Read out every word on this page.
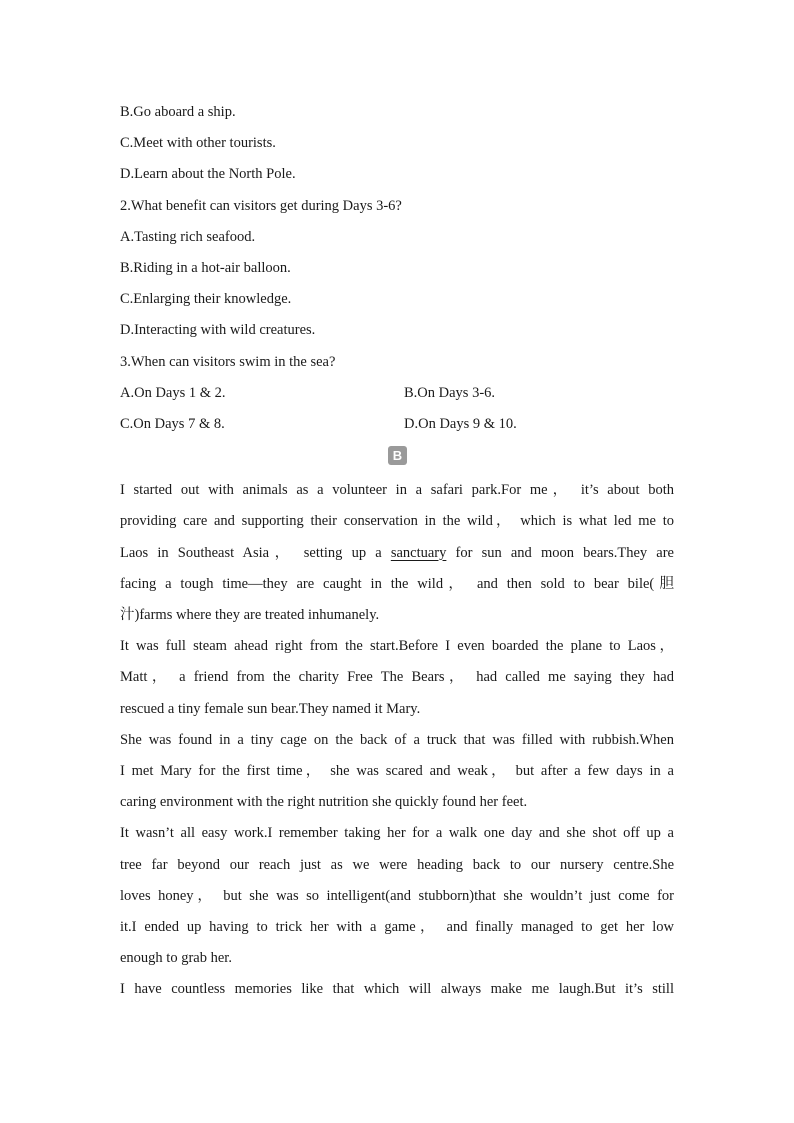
B.Go aboard a ship.
C.Meet with other tourists.
D.Learn about the North Pole.
2.What benefit can visitors get during Days 3-6?
A.Tasting rich seafood.
B.Riding in a hot-air balloon.
C.Enlarging their knowledge.
D.Interacting with wild creatures.
3.When can visitors swim in the sea?
A.On Days 1 & 2.	B.On Days 3-6.
C.On Days 7 & 8.	D.On Days 9 & 10.
B
I started out with animals as a volunteer in a safari park.For me， it’s about both
providing care and supporting their conservation in the wild， which is what led me to
Laos in Southeast Asia， setting up a sanctuary for sun and moon bears.They are
facing a tough time—they are caught in the wild， and then sold to bear bile(胆
汁)farms where they are treated inhumanely.
It was full steam ahead right from the start.Before I even boarded the plane to Laos，
Matt， a friend from the charity Free The Bears， had called me saying they had
rescued a tiny female sun bear.They named it Mary.
She was found in a tiny cage on the back of a truck that was filled with rubbish.When
I met Mary for the first time， she was scared and weak， but after a few days in a
caring environment with the right nutrition she quickly found her feet.
It wasn’t all easy work.I remember taking her for a walk one day and she shot off up a
tree far beyond our reach just as we were heading back to our nursery centre.She
loves honey， but she was so intelligent(and stubborn)that she wouldn’t just come for
it.I ended up having to trick her with a game， and finally managed to get her low
enough to grab her.
I have countless memories like that which will always make me laugh.But it’s still
